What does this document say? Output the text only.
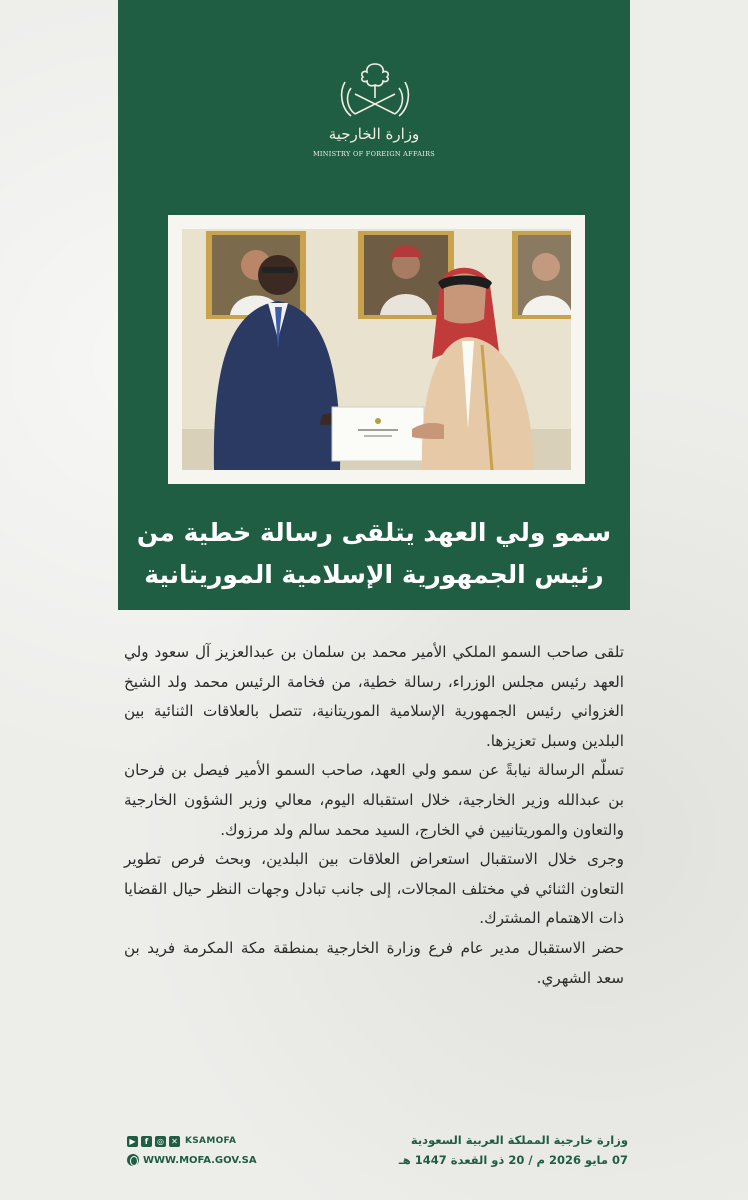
وزارة الخارجية
MINISTRY OF FOREIGN AFFAIRS
سمو ولي العهد يتلقى رسالة خطية من
رئيس الجمهورية الإسلامية الموريتانية

تلقى صاحب السمو الملكي الأمير محمد بن سلمان بن عبدالعزيز آل سعود ولي العهد رئيس مجلس الوزراء، رسالة خطية، من فخامة الرئيس محمد ولد الشيخ الغزواني رئيس الجمهورية الإسلامية الموريتانية، تتصل بالعلاقات الثنائية بين البلدين وسبل تعزيزها.

تسلّم الرسالة نيابةً عن سمو ولي العهد، صاحب السمو الأمير فيصل بن فرحان بن عبدالله وزير الخارجية، خلال استقباله اليوم، معالي وزير الشؤون الخارجية والتعاون والموريتانيين في الخارج، السيد محمد سالم ولد مرزوك.

وجرى خلال الاستقبال استعراض العلاقات بين البلدين، وبحث فرص تطوير التعاون الثنائي في مختلف المجالات، إلى جانب تبادل وجهات النظر حيال القضايا ذات الاهتمام المشترك.

حضر الاستقبال مدير عام فرع وزارة الخارجية بمنطقة مكة المكرمة فريد بن سعد الشهري.

وزارة خارجية المملكة العربية السعودية
07 مايو 2026 م / 20 ذو القعدة 1447 هـ
▶	f	◎ ✕ KSAMOFA
WWW.MOFA.GOV.SA
